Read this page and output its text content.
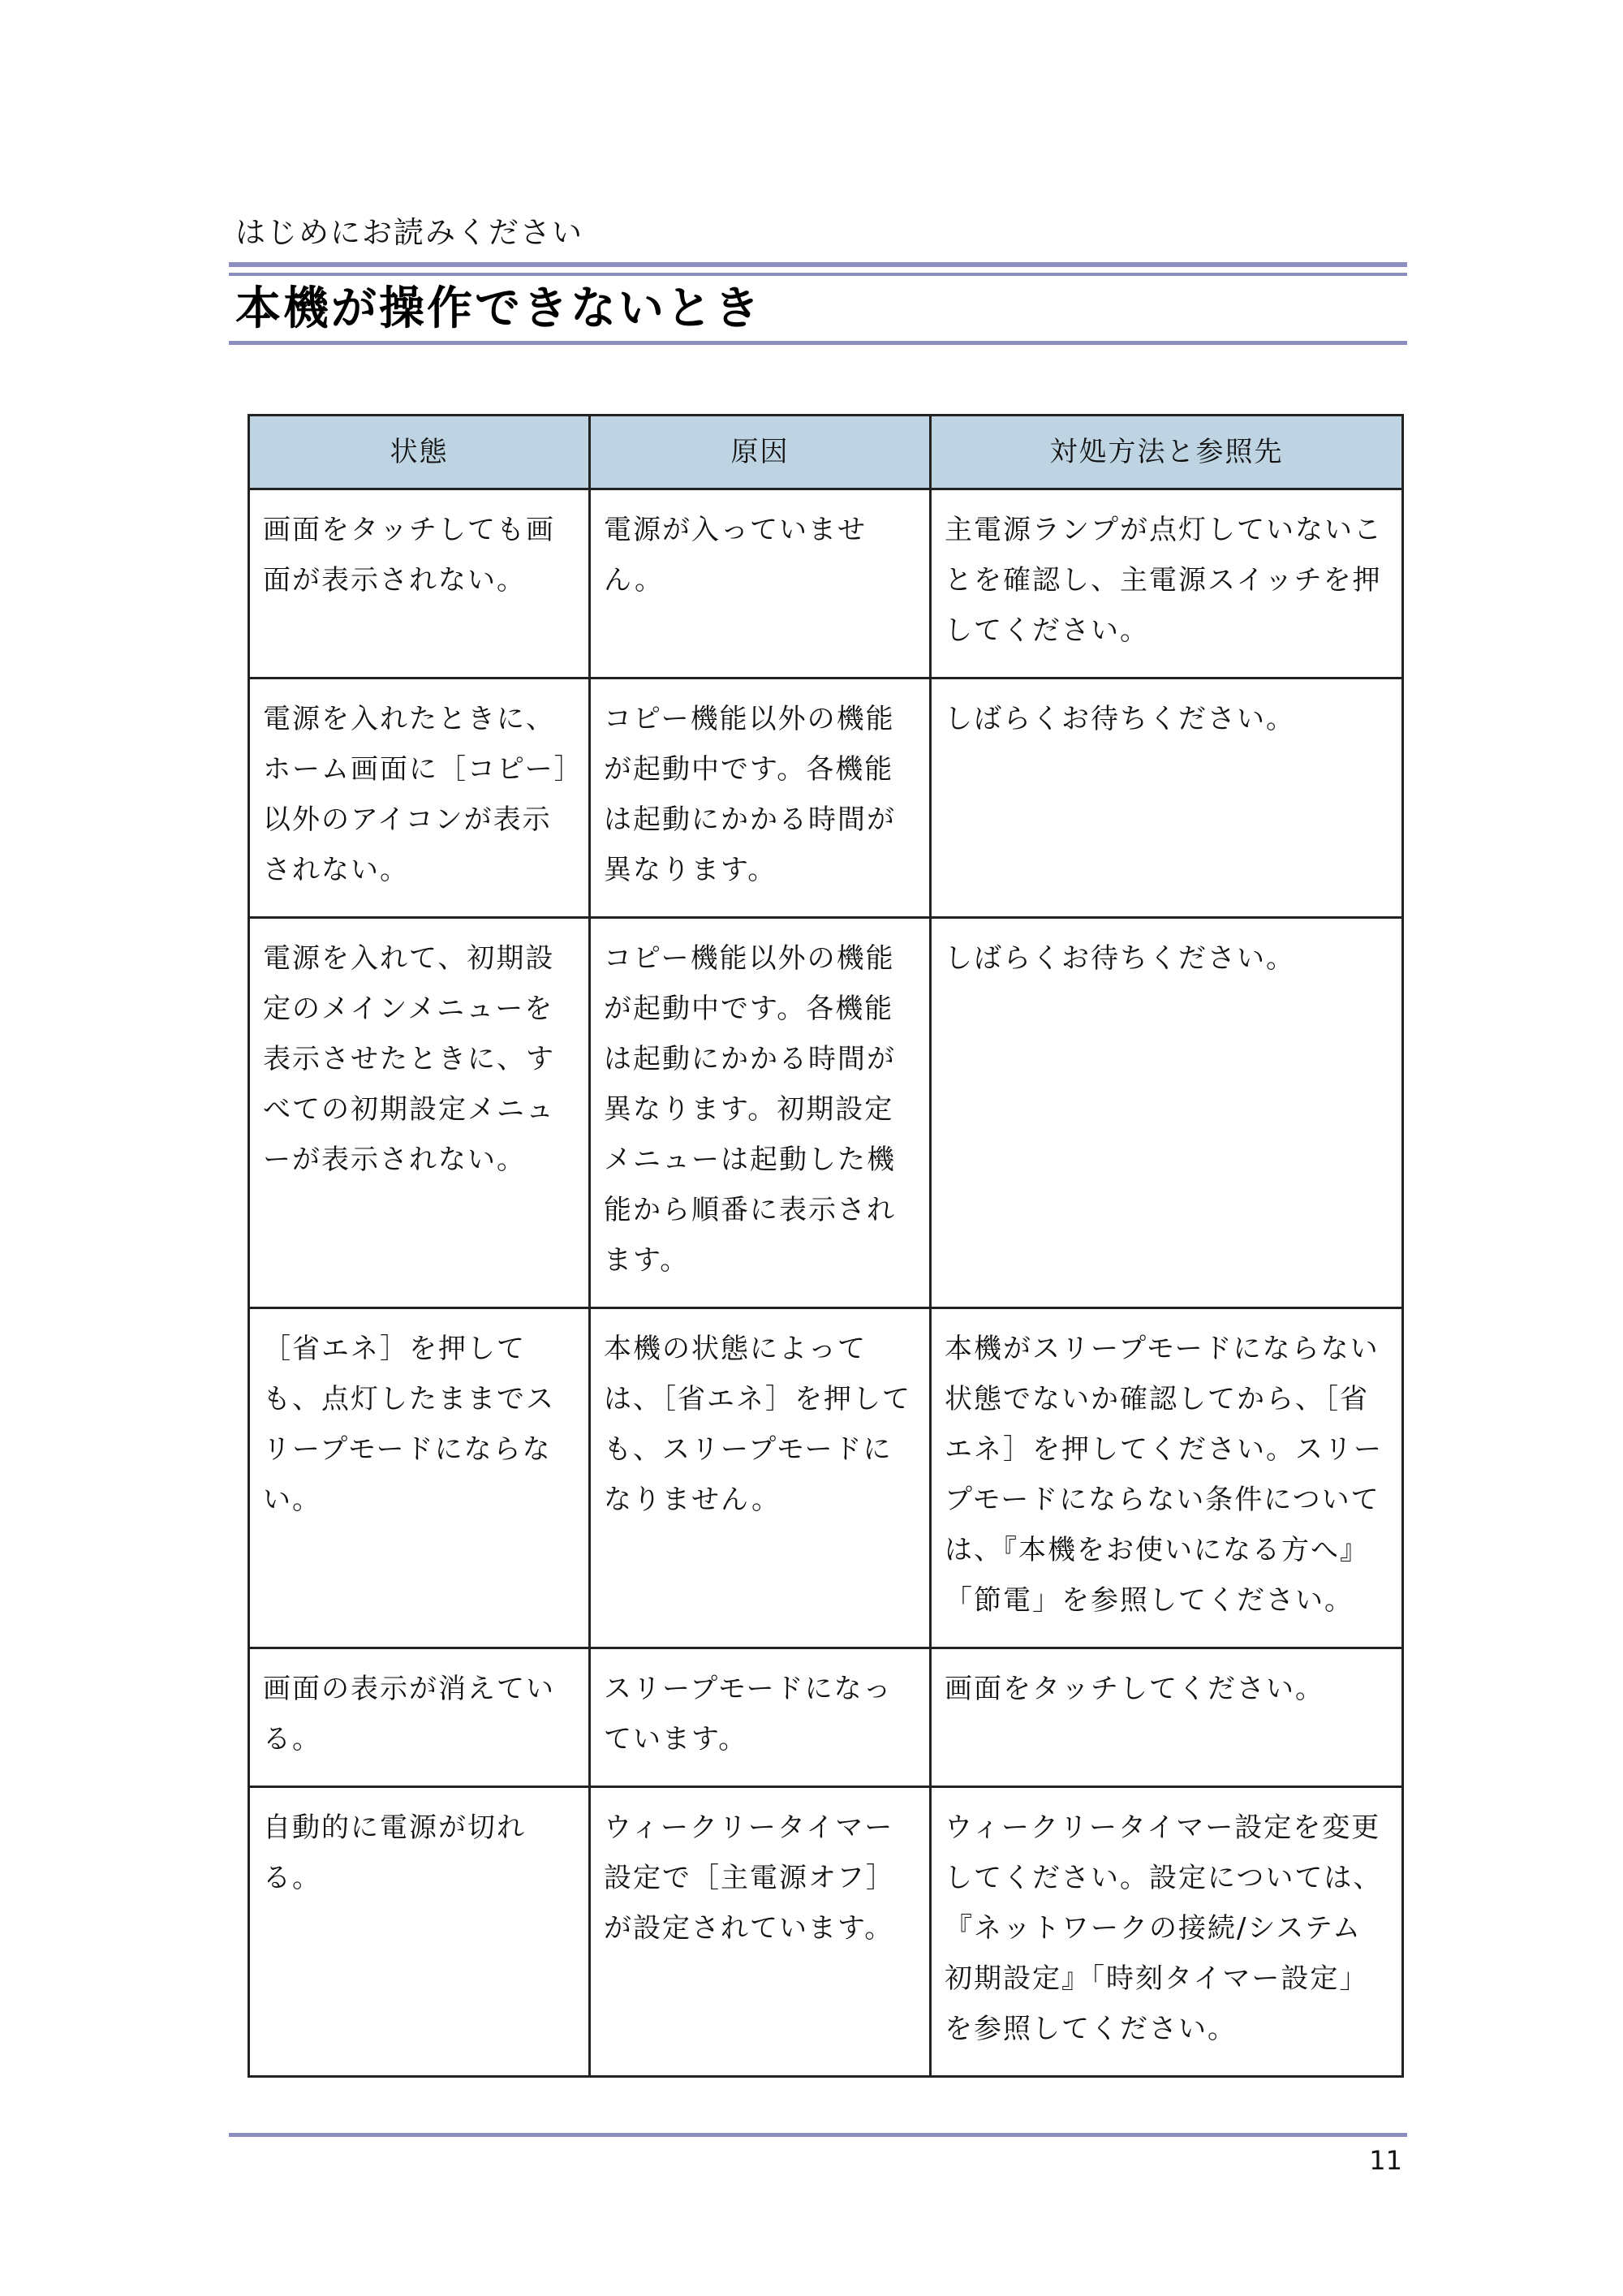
はじめにお読みください
本機が操作できないとき
状態	原因	対処方法と参照先
画面をタッチしても画面が表示されない。	電源が入っていません。	主電源ランプが点灯していないことを確認し、主電源スイッチを押してください。
電源を入れたときに、ホーム画面に［コピー］以外のアイコンが表示されない。	コピー機能以外の機能が起動中です。各機能は起動にかかる時間が異なります。	しばらくお待ちください。
電源を入れて、初期設定のメインメニューを表示させたときに、すべての初期設定メニューが表示されない。	コピー機能以外の機能が起動中です。各機能は起動にかかる時間が異なります。初期設定メニューは起動した機能から順番に表示されます。	しばらくお待ちください。
［省エネ］を押しても、点灯したままでスリープモードにならない。	本機の状態によっては、［省エネ］を押しても、スリープモードになりません。	本機がスリープモードにならない状態でないか確認してから、［省エネ］を押してください。スリープモードにならない条件については、『本機をお使いになる方へ』「節電」を参照してください。
画面の表示が消えている。	スリープモードになっています。	画面をタッチしてください。
自動的に電源が切れる。	ウィークリータイマー設定で［主電源オフ］が設定されています。	ウィークリータイマー設定を変更してください。設定については、『ネットワークの接続/システム初期設定』「時刻タイマー設定」を参照してください。
11
